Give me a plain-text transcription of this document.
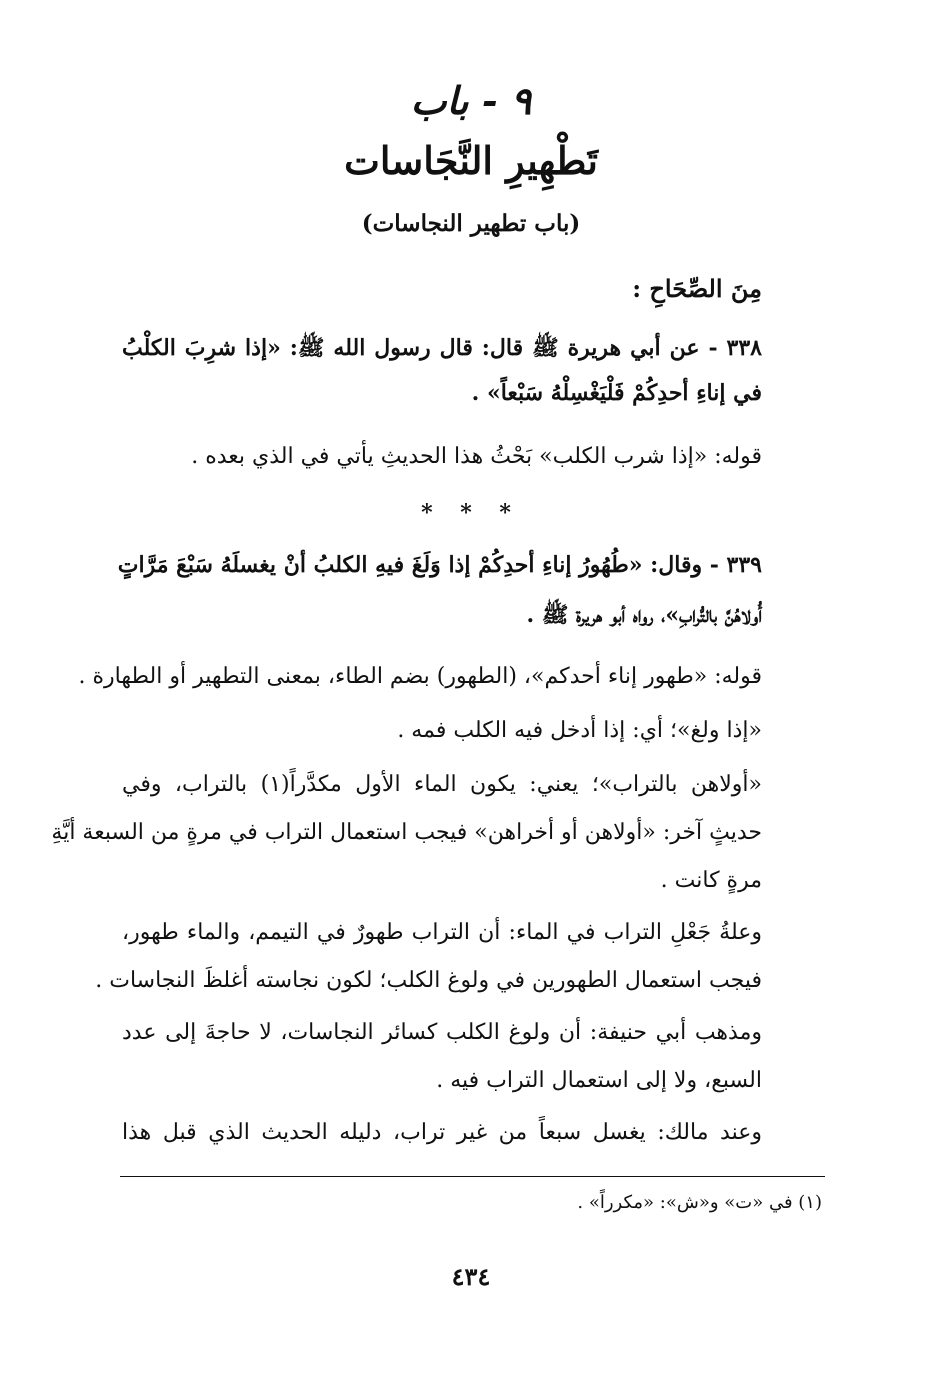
٩ - باب
تَطْهِيرِ النَّجَاسات
(باب تطهير النجاسات)
مِنَ الصِّحَاحِ :
٣٣٨ - عن أبي هريرة ﷺ قال: قال رسول الله ﷺ: «إذا شرِبَ الكلْبُ
في إناءِ أحدِكُمْ فَلْيَغْسِلْهُ سَبْعاً» .
قوله: «إذا شرب الكلب» بَحْثُ هذا الحديثِ يأتي في الذي بعده .
* * *
٣٣٩ - وقال: «طُهُورُ إناءِ أحدِكُمْ إذا وَلَغَ فيهِ الكلبُ أنْ يغسلَهُ سَبْعَ مَرَّاتٍ
أُولاهُنَّ بالتُّرابِ»، رواه أبو هريرة ﷺ .
قوله: «طهور إناء أحدكم»، (الطهور) بضم الطاء، بمعنى التطهير أو الطهارة .
«إذا ولغ»؛ أي: إذا أدخل فيه الكلب فمه .
«أولاهن بالتراب»؛ يعني: يكون الماء الأول مكدَّراً(١) بالتراب، وفي
حديثٍ آخر: «أولاهن أو أخراهن» فيجب استعمال التراب في مرةٍ من السبعة أيَّةِ
مرةٍ كانت .
وعلةُ جَعْلِ التراب في الماء: أن التراب طهورٌ في التيمم، والماء طهور،
فيجب استعمال الطهورين في ولوغ الكلب؛ لكون نجاسته أغلظَ النجاسات .
ومذهب أبي حنيفة: أن ولوغ الكلب كسائر النجاسات، لا حاجةَ إلى عدد
السبع، ولا إلى استعمال التراب فيه .
وعند مالك: يغسل سبعاً من غير تراب، دليله الحديث الذي قبل هذا
(١) في «ت» و«ش»: «مكرراً» .
٤٣٤
